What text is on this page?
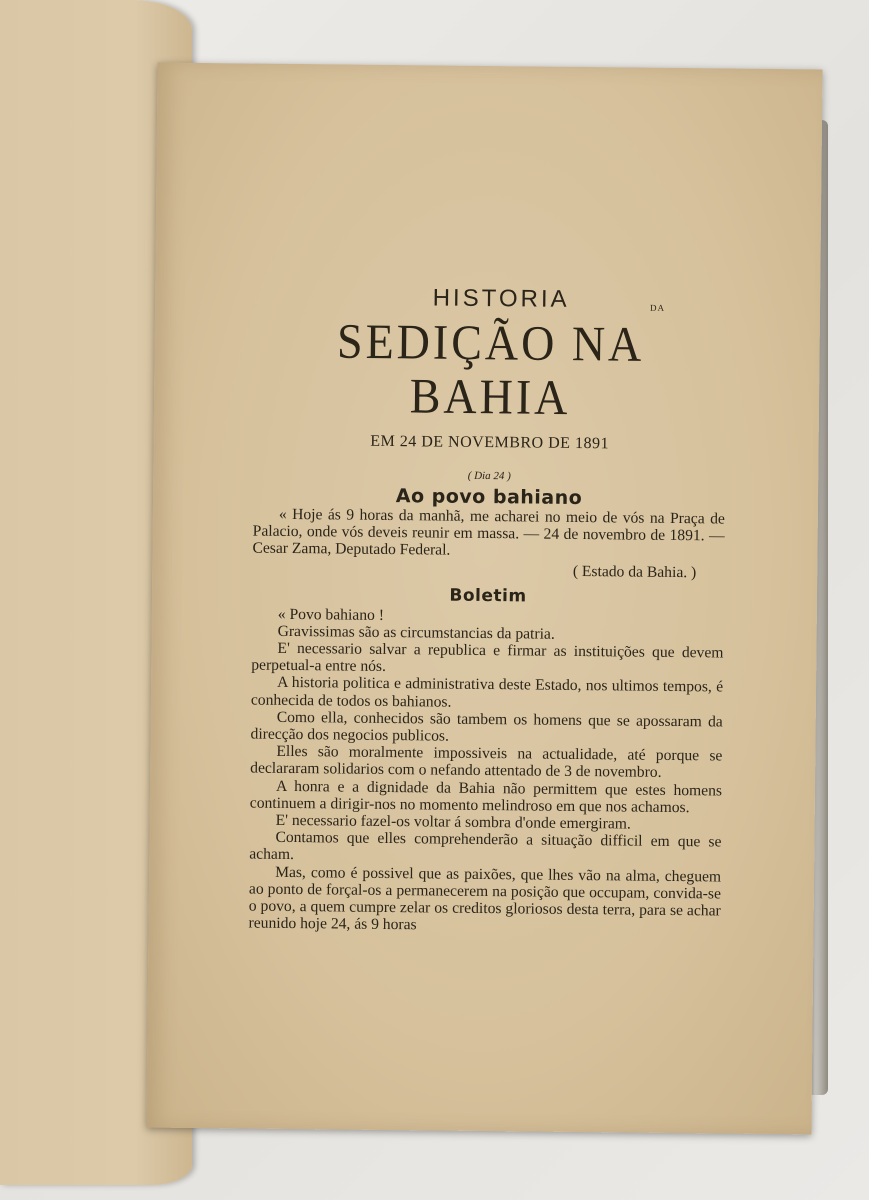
HISTORIA	DA

SEDIÇÃO NA BAHIA

EM 24 DE NOVEMBRO DE 1891

( Dia 24 )

Ao povo bahiano

« Hoje ás 9 horas da manhã, me acharei no meio de vós na Praça de Palacio, onde vós deveis reunir em massa. — 24 de novembro de 1891. — Cesar Zama, Deputado Federal.

( Estado da Bahia. )

Boletim

« Povo bahiano !

Gravissimas são as circumstancias da patria.

E' necessario salvar a republica e firmar as instituições que devem perpetual-a entre nós.

A historia politica e administrativa deste Estado, nos ultimos tempos, é conhecida de todos os bahianos.

Como ella, conhecidos são tambem os homens que se apossaram da direcção dos negocios publicos.

Elles são moralmente impossiveis na actualidade, até porque se declararam solidarios com o nefando attentado de 3 de novembro.

A honra e a dignidade da Bahia não permittem que estes homens continuem a dirigir-nos no momento melindroso em que nos achamos.

E' necessario fazel-os voltar á sombra d'onde emergiram.

Contamos que elles comprehenderão a situação difficil em que se acham.

Mas, como é possivel que as paixões, que lhes vão na alma, cheguem ao ponto de forçal-os a permanecerem na posição que occupam, convida-se o povo, a quem cumpre zelar os creditos gloriosos desta terra, para se achar reunido hoje 24, ás 9 horas
